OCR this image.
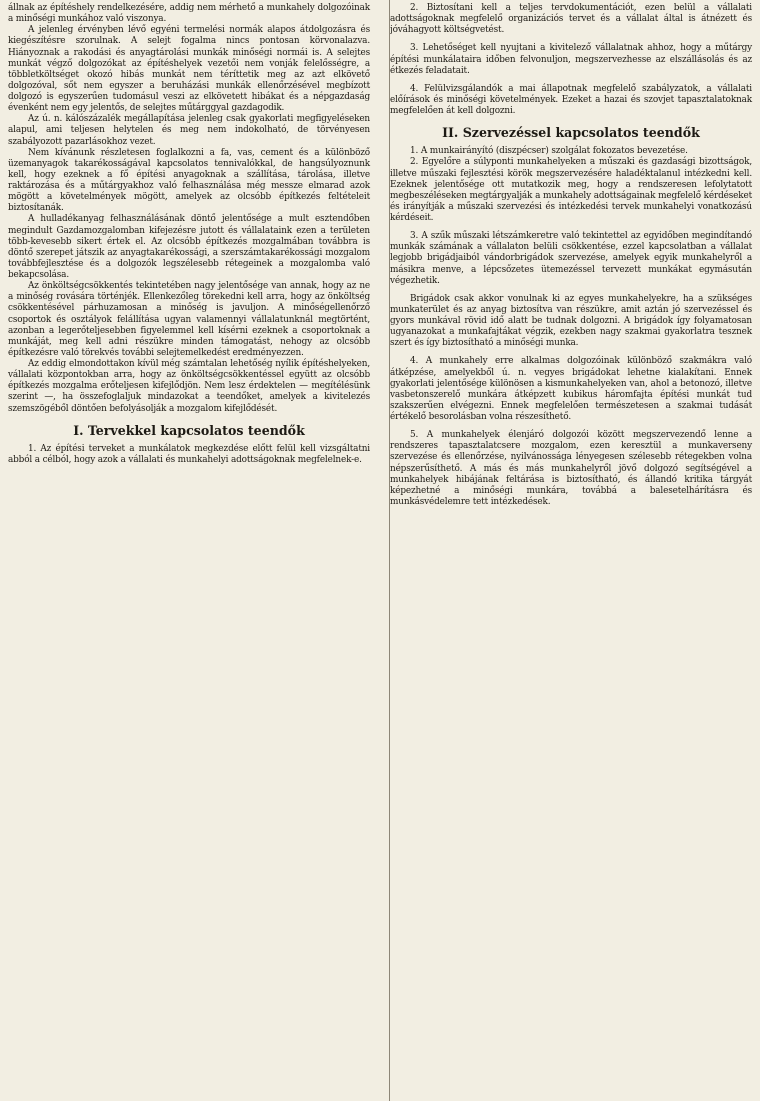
állnak az építéshely rendelkezésére, addig nem mérhető a munkahely dolgozóinak a minőségi munkához való viszonya.

A jelenleg érvényben lévő egyéni termelési normák alapos átdolgozásra és kiegészítésre szorulnak. A selejt fogalma nincs pontosan körvonalazva. Hiányoznak a rakodási és anyagtárolási munkák minőségi normái is. A selejtes munkát végző dolgozókat az építéshelyek vezetői nem vonják felelősségre, a többletköltséget okozó hibás munkát nem téríttetik meg az azt elkövető dolgozóval, sőt nem egyszer a beruházási munkák ellenőrzésével megbízott dolgozó is egyszerűen tudomásul veszi az elkövetett hibákat és a népgazdaság évenként nem egy jelentős, de selejtes műtárggyal gazdagodik.

Az ú. n. kálószázalék megállapítása jelenleg csak gyakorlati megfigyeléseken alapul, ami teljesen helytelen és meg nem indokolható, de törvényesen szabályozott pazarlásokhoz vezet.

Nem kívánunk részletesen foglalkozni a fa, vas, cement és a különböző üzemanyagok takarékosságával kapcsolatos tennivalókkal, de hangsúlyoznunk kell, hogy ezeknek a fő építési anyagoknak a szállítása, tárolása, illetve raktározása és a műtárgyakhoz való felhasználása még messze elmarad azok mögött a követelmények mögött, amelyek az olcsóbb építkezés feltételeit biztosítanák.

A hulladékanyag felhasználásának döntő jelentősége a mult esztendőben megindult Gazdamozgalomban kifejezésre jutott és vállalataink ezen a területen több-kevesebb sikert értek el. Az olcsóbb építkezés mozgalmában továbbra is döntő szerepet játszik az anyagtakarékossági, a szerszámtakarékossági mozgalom továbbfejlesztése és a dolgozók legszélesebb rétegeinek a mozgalomba való bekapcsolása.

Az önköltségcsökkentés tekintetében nagy jelentősége van annak, hogy az ne a minőség rovására történjék. Ellenkezőleg törekedni kell arra, hogy az önköltség csökkentésével párhuzamosan a minőség is javuljon. A minőségellenőrző csoportok és osztályok felállítása ugyan valamennyi vállalatunknál megtörtént, azonban a legerőteljesebben figyelemmel kell kísérni ezeknek a csoportoknak a munkáját, meg kell adni részükre minden támogatást, nehogy az olcsóbb építkezésre való törekvés további selejtemelkedést eredményezzen.

Az eddig elmondottakon kívül még számtalan lehetőség nyílik építéshelyeken, vállalati központokban arra, hogy az önköltségcsökkentéssel együtt az olcsóbb építkezés mozgalma erőteljesen kifejlődjön. Nem lesz érdektelen — megítélésünk szerint —, ha összefoglaljuk mindazokat a teendőket, amelyek a kivitelezés szemszögéből döntően befolyásolják a mozgalom kifejlődését.

I. Tervekkel kapcsolatos teendők

1. Az építési terveket a munkálatok megkezdése előtt felül kell vizsgáltatni abból a célból, hogy azok a vállalati és munkahelyi adottságoknak megfelelnek-e.

2. Biztosítani kell a teljes tervdokumentációt, ezen belül a vállalati adottságoknak megfelelő organizációs tervet és a vállalat által is átnézett és jóváhagyott költségvetést.

3. Lehetőséget kell nyujtani a kivitelező vállalatnak ahhoz, hogy a műtárgy építési munkálataira időben felvonuljon, megszervezhesse az elszállásolás és az étkezés feladatait.

4. Felülvizsgálandók a mai állapotnak megfelelő szabályzatok, a vállalati előírások és minőségi követelmények. Ezeket a hazai és szovjet tapasztalatoknak megfelelően át kell dolgozni.

II. Szervezéssel kapcsolatos teendők

1. A munkairányító (diszpécser) szolgálat fokozatos bevezetése.

2. Egyelőre a súlyponti munkahelyeken a műszaki és gazdasági bizottságok, illetve műszaki fejlesztési körök megszervezésére haladéktalanul intézkedni kell. Ezeknek jelentősége ott mutatkozik meg, hogy a rendszeresen lefolytatott megbeszéléseken megtárgyalják a munkahely adottságainak megfelelő kérdéseket és irányítják a műszaki szervezési és intézkedési tervek munkahelyi vonatkozású kérdéseit.

3. A szűk műszaki létszámkeretre való tekintettel az egyidőben megindítandó munkák számának a vállalaton belüli csökkentése, ezzel kapcsolatban a vállalat legjobb brigádjaiból vándorbrigádok szervezése, amelyek egyik munkahelyről a másikra menve, a lépcsőzetes ütemezéssel tervezett munkákat egymásután végezhetik.

Brigádok csak akkor vonulnak ki az egyes munkahelyekre, ha a szükséges munkaterület és az anyag biztosítva van részükre, amit aztán jó szervezéssel és gyors munkával rövid idő alatt be tudnak dolgozni. A brigádok így folyamatosan ugyanazokat a munkafajtákat végzik, ezekben nagy szakmai gyakorlatra tesznek szert és így biztosítható a minőségi munka.

4. A munkahely erre alkalmas dolgozóinak különböző szakmákra való átképzése, amelyekből ú. n. vegyes brigádokat lehetne kialakítani. Ennek gyakorlati jelentősége különösen a kismunkahelyeken van, ahol a betonozó, illetve vasbetonszerelő munkára átképzett kubikus háromfajta építési munkát tud szakszerűen elvégezni. Ennek megfelelően természetesen a szakmai tudását értékelő besorolásban volna részesíthető.

5. A munkahelyek élenjáró dolgozói között megszervezendő lenne a rendszeres tapasztalatcsere mozgalom, ezen keresztül a munkaverseny szervezése és ellenőrzése, nyilvánossága lényegesen szélesebb rétegekben volna népszerűsíthető. A más és más munkahelyről jövő dolgozó segítségével a munkahelyek hibájának feltárása is biztosítható, és állandó kritika tárgyát képezhetné a minőségi munkára, továbbá a balesetelhárításra és munkásvédelemre tett intézkedések.
